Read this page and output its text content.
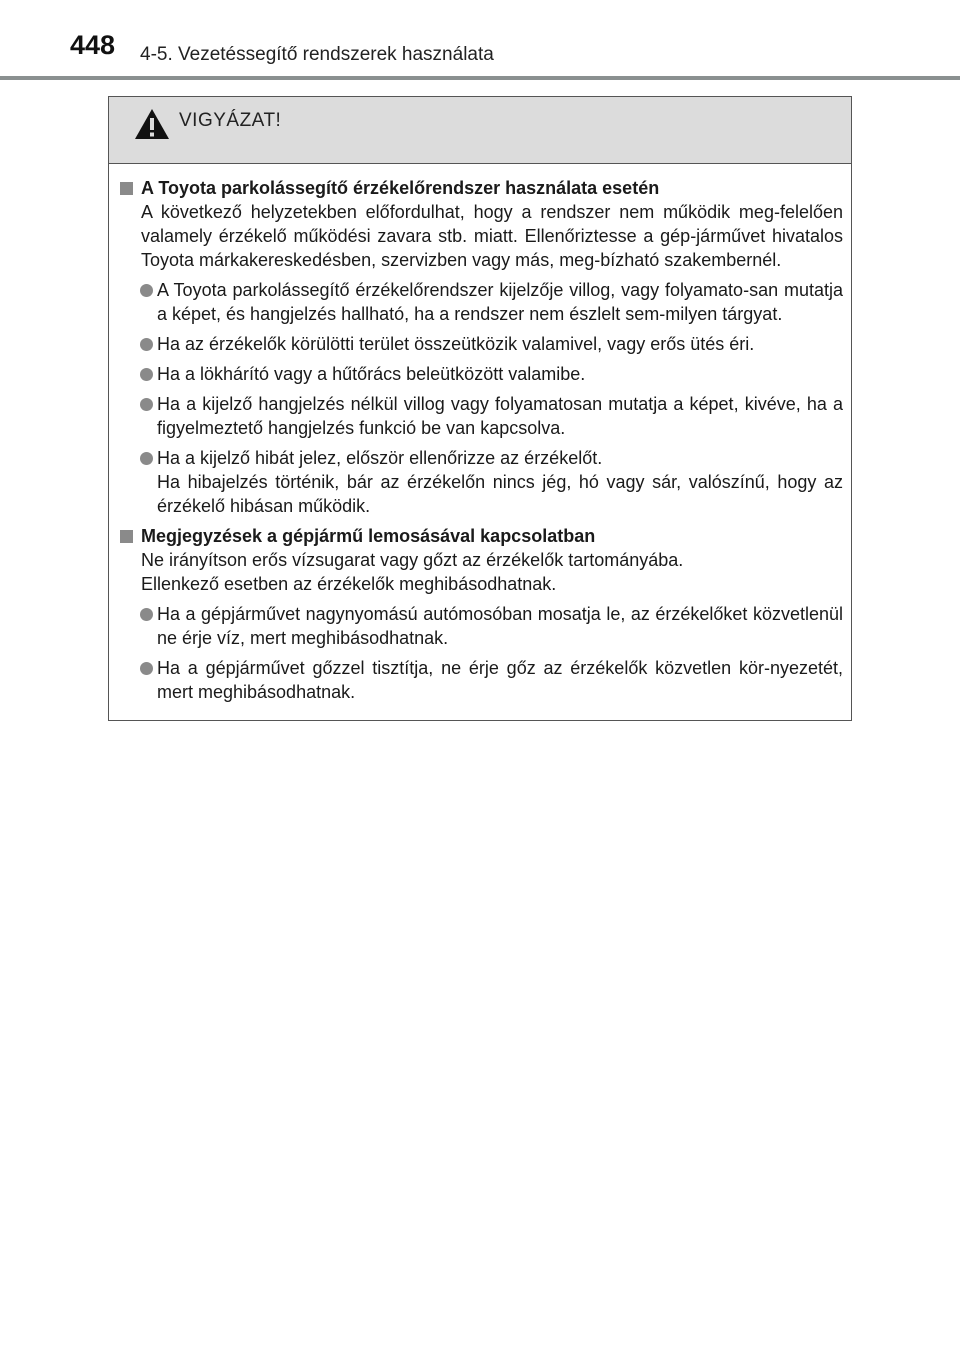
448 4-5. Vezetéssegítő rendszerek használata
VIGYÁZAT!
A Toyota parkolássegítő érzékelőrendszer használata esetén
A következő helyzetekben előfordulhat, hogy a rendszer nem működik meg-felelően valamely érzékelő működési zavara stb. miatt. Ellenőriztesse a gép-járművet hivatalos Toyota márkakereskedésben, szervizben vagy más, meg-bízható szakembernél.
A Toyota parkolássegítő érzékelőrendszer kijelzője villog, vagy folyamato-san mutatja a képet, és hangjelzés hallható, ha a rendszer nem észlelt sem-milyen tárgyat.
Ha az érzékelők körülötti terület összeütközik valamivel, vagy erős ütés éri.
Ha a lökhárító vagy a hűtőrács beleütközött valamibe.
Ha a kijelző hangjelzés nélkül villog vagy folyamatosan mutatja a képet, kivéve, ha a figyelmeztető hangjelzés funkció be van kapcsolva.
Ha a kijelző hibát jelez, először ellenőrizze az érzékelőt.
Ha hibajelzés történik, bár az érzékelőn nincs jég, hó vagy sár, valószínű, hogy az érzékelő hibásan működik.
Megjegyzések a gépjármű lemosásával kapcsolatban
Ne irányítson erős vízsugarat vagy gőzt az érzékelők tartományába.
Ellenkező esetben az érzékelők meghibásodhatnak.
Ha a gépjárművet nagynyomású autómosóban mosatja le, az érzékelőket közvetlenül ne érje víz, mert meghibásodhatnak.
Ha a gépjárművet gőzzel tisztítja, ne érje gőz az érzékelők közvetlen kör-nyezetét, mert meghibásodhatnak.
